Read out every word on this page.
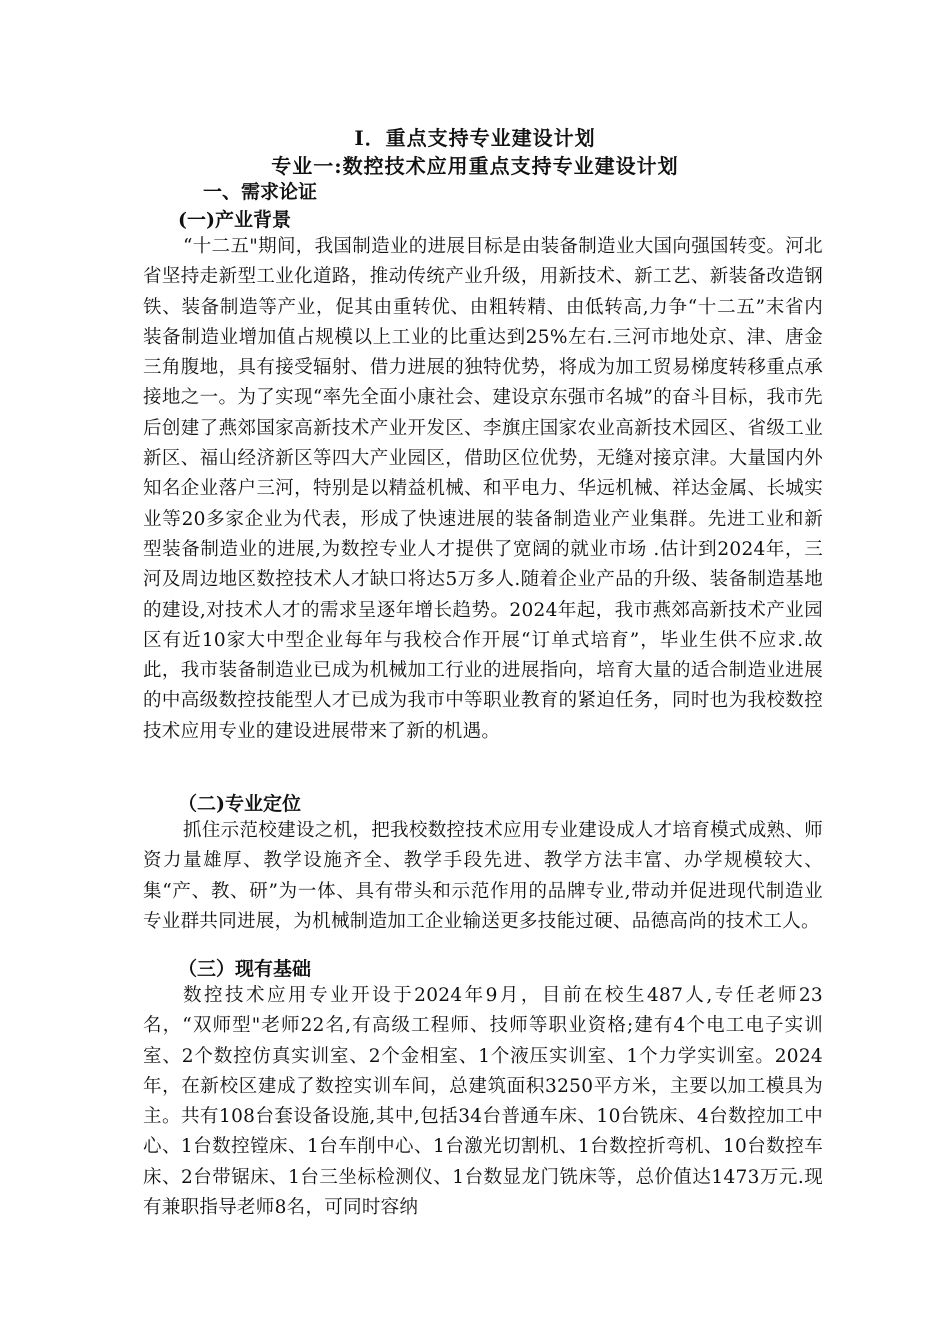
Ⅰ．重点支持专业建设计划
专业一:数控技术应用重点支持专业建设计划
一、需求论证
(一)产业背景
“十二五"期间，我国制造业的进展目标是由装备制造业大国向强国转变。河北省坚持走新型工业化道路，推动传统产业升级，用新技术、新工艺、新装备改造钢铁、装备制造等产业，促其由重转优、由粗转精、由低转高,力争“十二五”末省内装备制造业增加值占规模以上工业的比重达到25%左右.三河市地处京、津、唐金三角腹地，具有接受辐射、借力进展的独特优势，将成为加工贸易梯度转移重点承接地之一。为了实现“率先全面小康社会、建设京东强市名城”的奋斗目标，我市先后创建了燕郊国家高新技术产业开发区、李旗庄国家农业高新技术园区、省级工业新区、福山经济新区等四大产业园区，借助区位优势，无缝对接京津。大量国内外知名企业落户三河，特别是以精益机械、和平电力、华远机械、祥达金属、长城实业等20多家企业为代表，形成了快速进展的装备制造业产业集群。先进工业和新型装备制造业的进展,为数控专业人才提供了宽阔的就业市场 .估计到2024年，三河及周边地区数控技术人才缺口将达5万多人.随着企业产品的升级、装备制造基地的建设,对技术人才的需求呈逐年增长趋势。2024年起，我市燕郊高新技术产业园区有近10家大中型企业每年与我校合作开展“订单式培育”，毕业生供不应求.故此，我市装备制造业已成为机械加工行业的进展指向，培育大量的适合制造业进展的中高级数控技能型人才已成为我市中等职业教育的紧迫任务，同时也为我校数控技术应用专业的建设进展带来了新的机遇。
（二)专业定位
抓住示范校建设之机，把我校数控技术应用专业建设成人才培育模式成熟、师资力量雄厚、教学设施齐全、教学手段先进、教学方法丰富、办学规模较大、集“产、教、研”为一体、具有带头和示范作用的品牌专业,带动并促进现代制造业专业群共同进展，为机械制造加工企业输送更多技能过硬、品德高尚的技术工人。
（三）现有基础
数控技术应用专业开设于2024年9月，目前在校生487人,专任老师23名，“双师型"老师22名,有高级工程师、技师等职业资格;建有4个电工电子实训室、2个数控仿真实训室、2个金相室、1个液压实训室、1个力学实训室。2024年，在新校区建成了数控实训车间，总建筑面积3250平方米，主要以加工模具为主。共有108台套设备设施,其中,包括34台普通车床、10台铣床、4台数控加工中心、1台数控镗床、1台车削中心、1台激光切割机、1台数控折弯机、10台数控车床、2台带锯床、1台三坐标检测仪、1台数显龙门铣床等，总价值达1473万元.现有兼职指导老师8名，可同时容纳
